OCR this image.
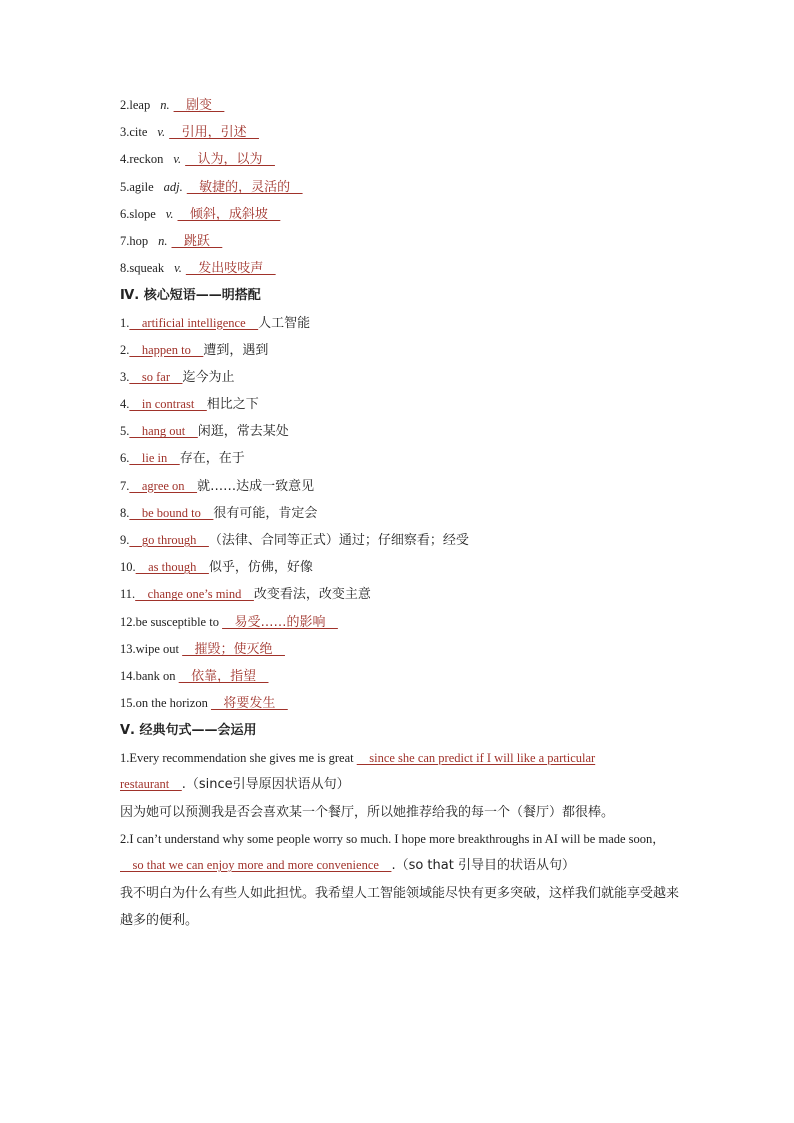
2.leap n.   剧变
3.cite v.   引用，引述
4.reckon v.   认为，以为
5.agile adj.   敏捷的，灵活的
6.slope v.   倾斜，成斜坡
7.hop n.   跳跃
8.squeak v.   发出吱吱声
Ⅳ. 核心短语——明搭配
1.    artificial intelligence    人工智能
2.    happen to    遭到，遇到
3.    so far    迄今为止
4.    in contrast    相比之下
5.    hang out    闲逛，常去某处
6.    lie in    存在，在于
7.    agree on    就……达成一致意见
8.    be bound to    很有可能，肯定会
9.    go through    （法律、合同等正式）通过；仔细察看；经受
10.    as though    似乎，仿佛，好像
11.    change one’s mind    改变看法，改变主意
12.be susceptible to    易受……的影响
13.wipe out    摧毁；使灭绝
14.bank on    依靠，指望
15.on the horizon    将要发生
Ⅴ. 经典句式——会运用
1.Every recommendation she gives me is great     since she can predict if I will like a particular
restaurant    .（since引导原因状语从句）
因为她可以预测我是否会喜欢某一个餐厅，所以她推荐给我的每一个（餐厅）都很棒。
2.I can’t understand why some people worry so much. I hope more breakthroughs in AI will be made soon，     so that we can enjoy more and more convenience    .（so that 引导目的状语从句）
我不明白为什么有些人如此担忧。我希望人工智能领域能尽快有更多突破，这样我们就能享受越来越多的便利。
